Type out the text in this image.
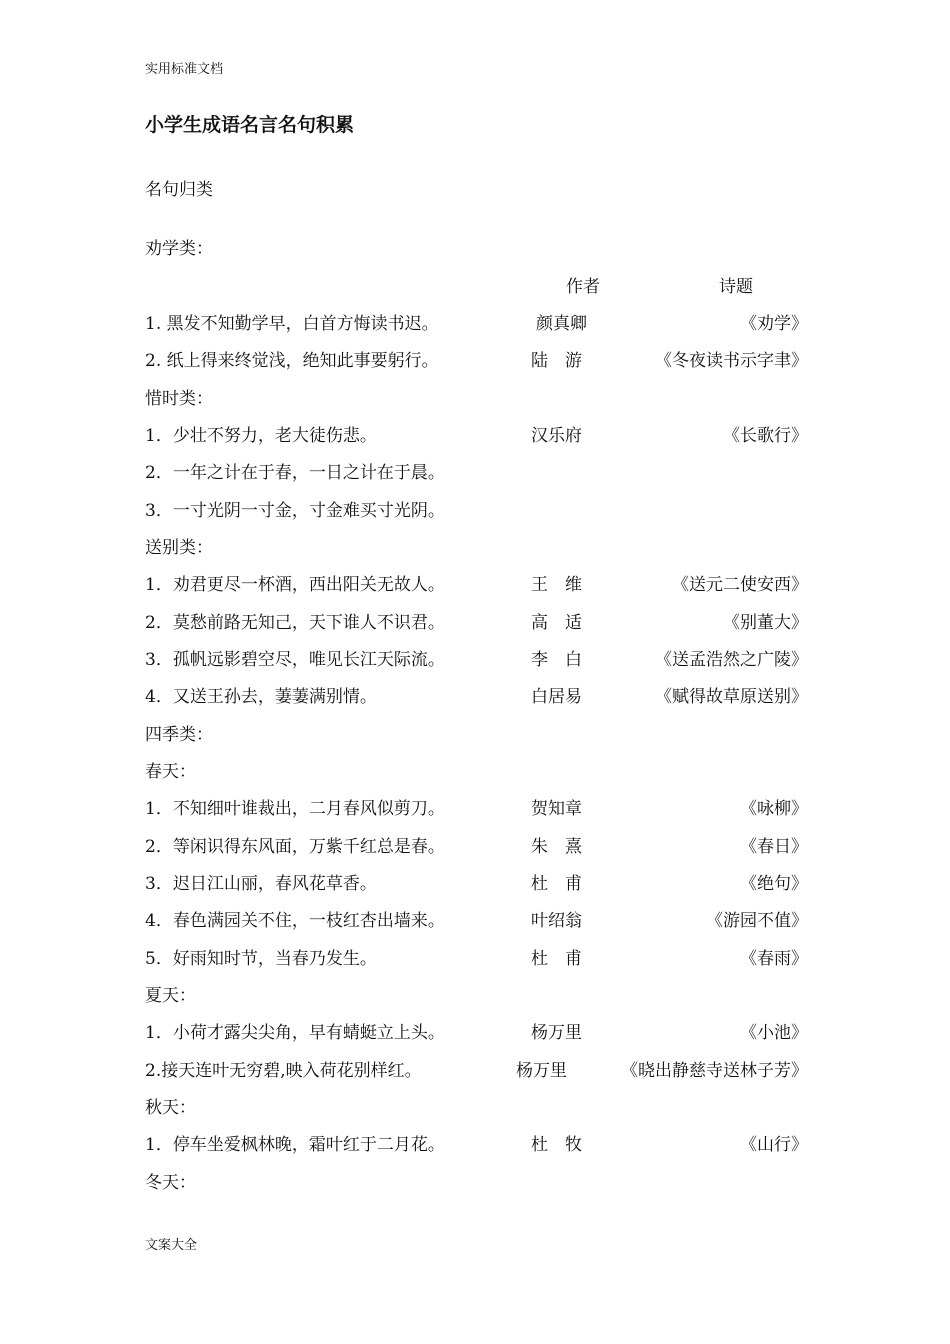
实用标准文档
文案大全
小学生成语名言名句积累
名句归类
劝学类：
作者	诗题
1. 黑发不知勤学早，白首方悔读书迟。	颜真卿	《劝学》
2. 纸上得来终觉浅，绝知此事要躬行。	陆　游	《冬夜读书示字聿》
惜时类：
1．少壮不努力，老大徒伤悲。	汉乐府	《长歌行》
2．一年之计在于春，一日之计在于晨。
3．一寸光阴一寸金，寸金难买寸光阴。
送别类：
1．劝君更尽一杯酒，西出阳关无故人。	王　维	《送元二使安西》
2．莫愁前路无知己，天下谁人不识君。	高　适	《别董大》
3．孤帆远影碧空尽，唯见长江天际流。	李　白	《送孟浩然之广陵》
4．又送王孙去，萋萋满别情。	白居易	《赋得故草原送别》
四季类：
春天：
1．不知细叶谁裁出，二月春风似剪刀。	贺知章	《咏柳》
2．等闲识得东风面，万紫千红总是春。	朱　熹	《春日》
3．迟日江山丽，春风花草香。	杜　甫	《绝句》
4．春色满园关不住，一枝红杏出墙来。	叶绍翁	《游园不值》
5．好雨知时节，当春乃发生。	杜　甫	《春雨》
夏天：
1．小荷才露尖尖角，早有蜻蜓立上头。	杨万里	《小池》
2.接天连叶无穷碧,映入荷花别样红。	杨万里	《晓出静慈寺送林子芳》
秋天：
1．停车坐爱枫林晚，霜叶红于二月花。	杜　牧	《山行》
冬天：
